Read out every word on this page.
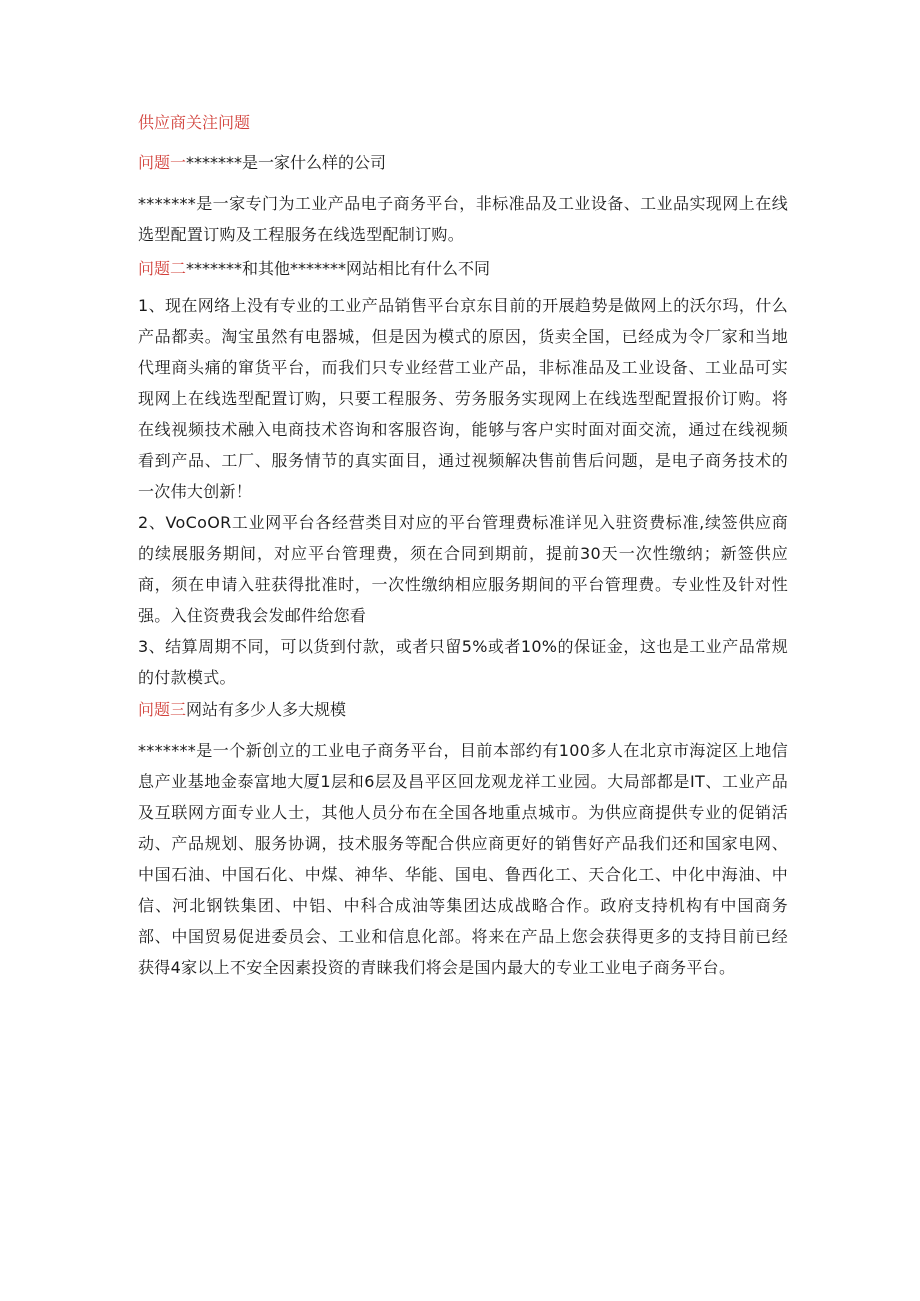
供应商关注问题

问题一*******是一家什么样的公司

*******是一家专门为工业产品电子商务平台，非标准品及工业设备、工业品实现网上在线选型配置订购及工程服务在线选型配制订购。

问题二*******和其他*******网站相比有什么不同

1、现在网络上没有专业的工业产品销售平台京东目前的开展趋势是做网上的沃尔玛，什么产品都卖。淘宝虽然有电器城，但是因为模式的原因，货卖全国，已经成为令厂家和当地代理商头痛的窜货平台，而我们只专业经营工业产品，非标准品及工业设备、工业品可实现网上在线选型配置订购，只要工程服务、劳务服务实现网上在线选型配置报价订购。将在线视频技术融入电商技术咨询和客服咨询，能够与客户实时面对面交流，通过在线视频看到产品、工厂、服务情节的真实面目，通过视频解决售前售后问题，是电子商务技术的一次伟大创新！

2、VoCoOR工业网平台各经营类目对应的平台管理费标准详见入驻资费标准,续签供应商的续展服务期间，对应平台管理费，须在合同到期前，提前30天一次性缴纳；新签供应商，须在申请入驻获得批准时，一次性缴纳相应服务期间的平台管理费。专业性及针对性强。入住资费我会发邮件给您看

3、结算周期不同，可以货到付款，或者只留5%或者10%的保证金，这也是工业产品常规的付款模式。

问题三网站有多少人多大规模

*******是一个新创立的工业电子商务平台，目前本部约有100多人在北京市海淀区上地信息产业基地金泰富地大厦1层和6层及昌平区回龙观龙祥工业园。大局部都是IT、工业产品及互联网方面专业人士，其他人员分布在全国各地重点城市。为供应商提供专业的促销活动、产品规划、服务协调，技术服务等配合供应商更好的销售好产品我们还和国家电网、中国石油、中国石化、中煤、神华、华能、国电、鲁西化工、天合化工、中化中海油、中信、河北钢铁集团、中铝、中科合成油等集团达成战略合作。政府支持机构有中国商务部、中国贸易促进委员会、工业和信息化部。将来在产品上您会获得更多的支持目前已经获得4家以上不安全因素投资的青睐我们将会是国内最大的专业工业电子商务平台。
